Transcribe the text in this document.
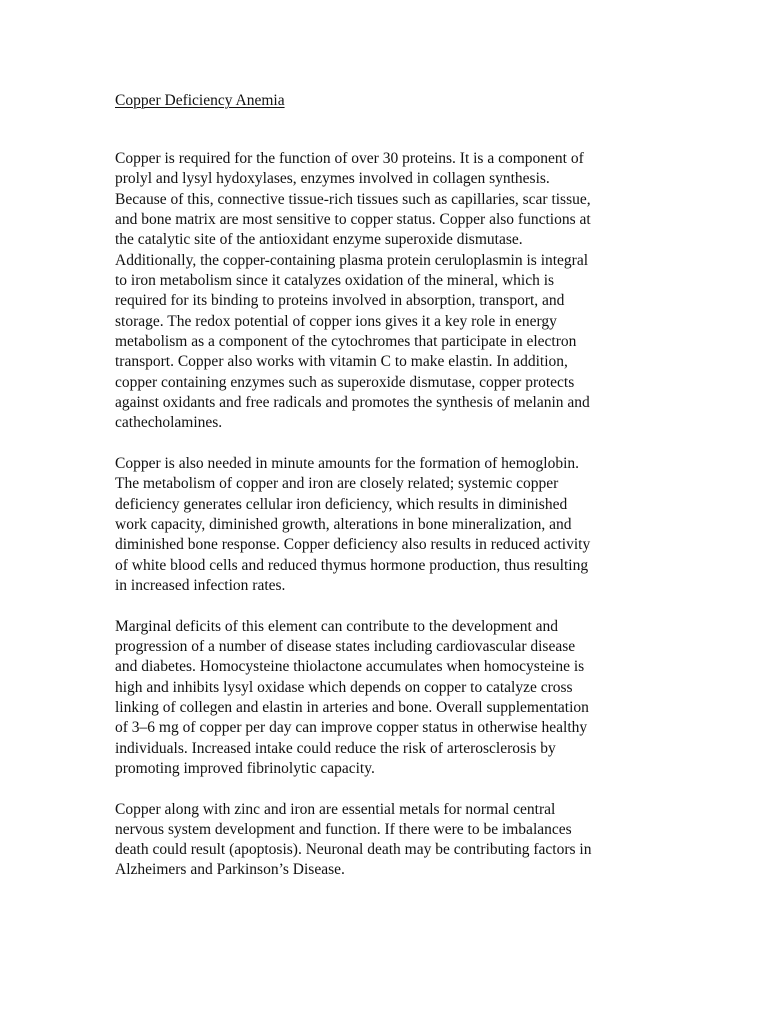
Copper Deficiency Anemia
Copper is required for the function of over 30 proteins. It is a component of
prolyl and lysyl hydoxylases, enzymes involved in collagen synthesis.
Because of this, connective tissue-rich tissues such as capillaries, scar tissue,
and bone matrix are most sensitive to copper status. Copper also functions at
the catalytic site of the antioxidant enzyme superoxide dismutase.
Additionally, the copper-containing plasma protein ceruloplasmin is integral
to iron metabolism since it catalyzes oxidation of the mineral, which is
required for its binding to proteins involved in absorption, transport, and
storage. The redox potential of copper ions gives it a key role in energy
metabolism as a component of the cytochromes that participate in electron
transport. Copper also works with vitamin C to make elastin. In addition,
copper containing enzymes such as superoxide dismutase, copper protects
against oxidants and free radicals and promotes the synthesis of melanin and
cathecholamines.
Copper is also needed in minute amounts for the formation of hemoglobin.
The metabolism of copper and iron are closely related; systemic copper
deficiency generates cellular iron deficiency, which results in diminished
work capacity, diminished growth, alterations in bone mineralization, and
diminished bone response. Copper deficiency also results in reduced activity
of white blood cells and reduced thymus hormone production, thus resulting
in increased infection rates.
Marginal deficits of this element can contribute to the development and
progression of a number of disease states including cardiovascular disease
and diabetes. Homocysteine thiolactone accumulates when homocysteine is
high and inhibits lysyl oxidase which depends on copper to catalyze cross
linking of collegen and elastin in arteries and bone. Overall supplementation
of 3–6 mg of copper per day can improve copper status in otherwise healthy
individuals. Increased intake could reduce the risk of arterosclerosis by
promoting improved fibrinolytic capacity.
Copper along with zinc and iron are essential metals for normal central
nervous system development and function. If there were to be imbalances
death could result (apoptosis). Neuronal death may be contributing factors in
Alzheimers and Parkinson’s Disease.
